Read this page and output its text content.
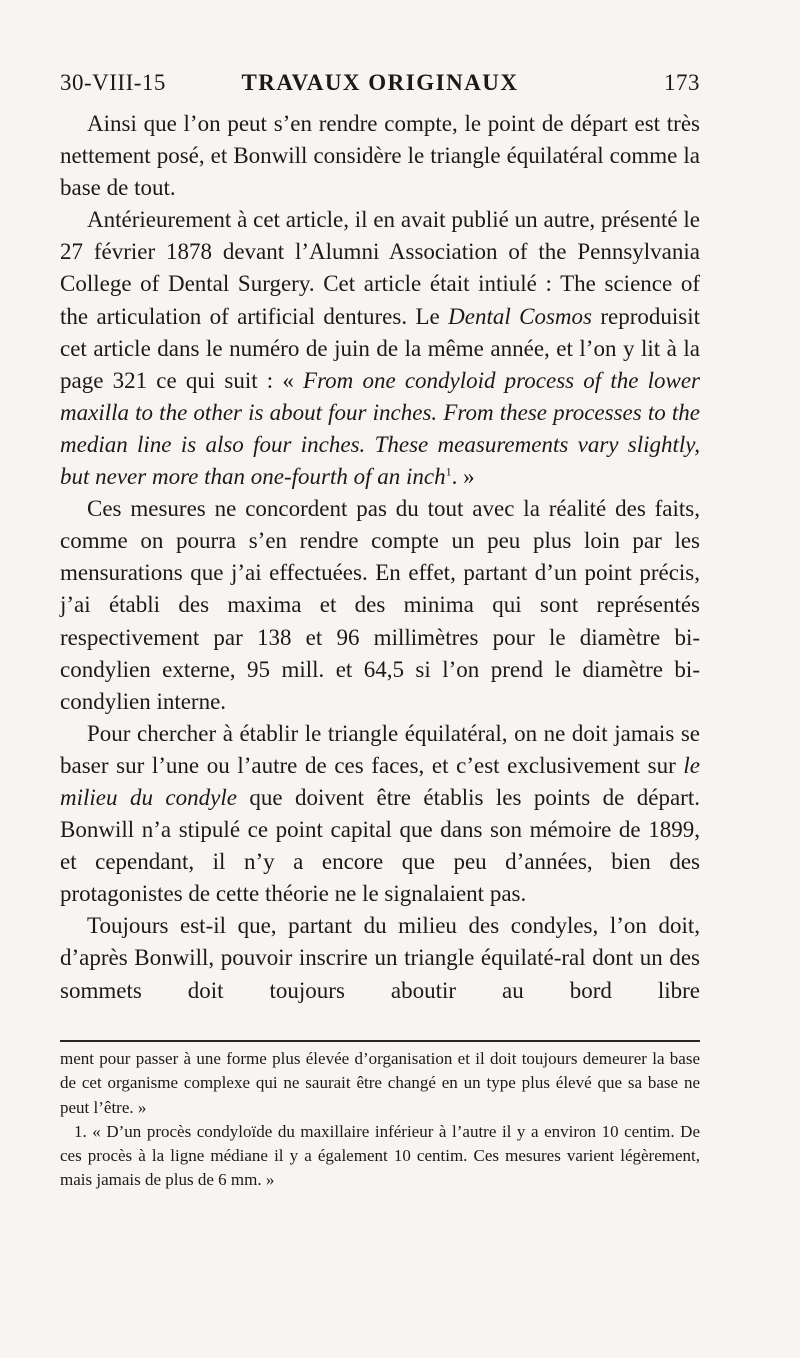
TRAVAUX ORIGINAUX
30-VIII-15	173

Ainsi que l’on peut s’en rendre compte, le point de départ est très nettement posé, et Bonwill considère le triangle équilatéral comme la base de tout.

Antérieurement à cet article, il en avait publié un autre, présenté le 27 février 1878 devant l’Alumni Association of the Pennsylvania College of Dental Surgery. Cet article était intiulé : The science of the articulation of artificial dentures. Le Dental Cosmos reproduisit cet article dans le numéro de juin de la même année, et l’on y lit à la page 321 ce qui suit : « From one condyloid process of the lower maxilla to the other is about four inches. From these processes to the median line is also four inches. These measurements vary slightly, but never more than one-fourth of an inch$^1$. »

Ces mesures ne concordent pas du tout avec la réalité des faits, comme on pourra s’en rendre compte un peu plus loin par les mensurations que j’ai effectuées. En effet, partant d’un point précis, j’ai établi des maxima et des minima qui sont représentés respectivement par 138 et 96 millimètres pour le diamètre bi-condylien externe, 95 mill. et 64,5 si l’on prend le diamètre bi-condylien interne.

Pour chercher à établir le triangle équilatéral, on ne doit jamais se baser sur l’une ou l’autre de ces faces, et c’est exclusivement sur le milieu du condyle que doivent être établis les points de départ. Bonwill n’a stipulé ce point capital que dans son mémoire de 1899, et cependant, il n’y a encore que peu d’années, bien des protagonistes de cette théorie ne le signalaient pas.

Toujours est-il que, partant du milieu des condyles, l’on doit, d’après Bonwill, pouvoir inscrire un triangle équilaté-ral dont un des sommets doit toujours aboutir au bord libre

ment pour passer à une forme plus élevée d’organisation et il doit toujours demeurer la base de cet organisme complexe qui ne saurait être changé en un type plus élevé que sa base ne peut l’être. »

1. « D’un procès condyloïde du maxillaire inférieur à l’autre il y a environ 10 centim. De ces procès à la ligne médiane il y a également 10 centim. Ces mesures varient légèrement, mais jamais de plus de 6 mm. »
